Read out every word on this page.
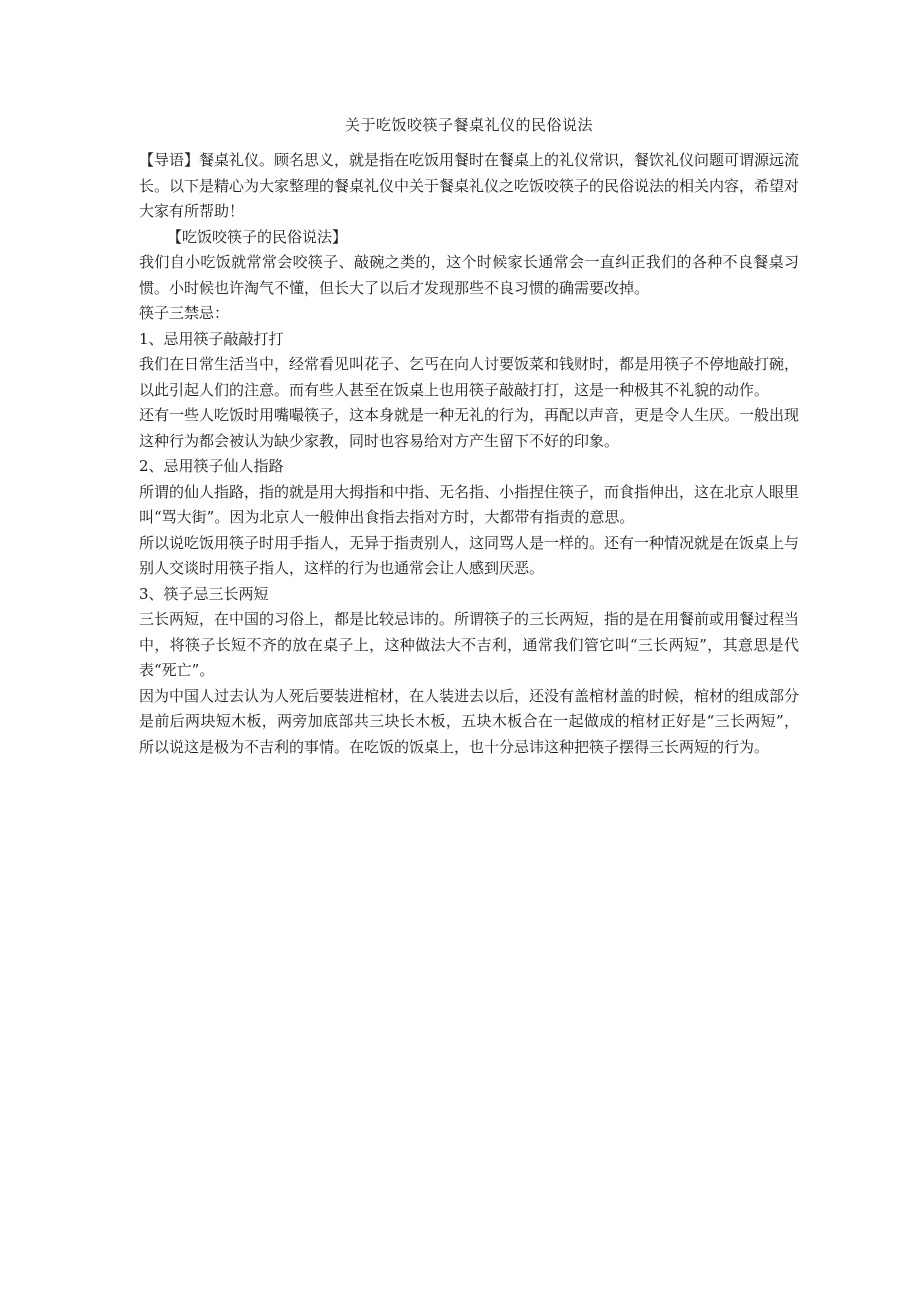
关于吃饭咬筷子餐桌礼仪的民俗说法

【导语】餐桌礼仪。顾名思义，就是指在吃饭用餐时在餐桌上的礼仪常识，餐饮礼仪问题可谓源远流长。以下是精心为大家整理的餐桌礼仪中关于餐桌礼仪之吃饭咬筷子的民俗说法的相关内容，希望对大家有所帮助！

【吃饭咬筷子的民俗说法】

我们自小吃饭就常常会咬筷子、敲碗之类的，这个时候家长通常会一直纠正我们的各种不良餐桌习惯。小时候也许淘气不懂，但长大了以后才发现那些不良习惯的确需要改掉。

筷子三禁忌：

1、忌用筷子敲敲打打

我们在日常生活当中，经常看见叫花子、乞丐在向人讨要饭菜和钱财时，都是用筷子不停地敲打碗，以此引起人们的注意。而有些人甚至在饭桌上也用筷子敲敲打打，这是一种极其不礼貌的动作。

还有一些人吃饭时用嘴嘬筷子，这本身就是一种无礼的行为，再配以声音，更是令人生厌。一般出现这种行为都会被认为缺少家教，同时也容易给对方产生留下不好的印象。

2、忌用筷子仙人指路

所谓的仙人指路，指的就是用大拇指和中指、无名指、小指捏住筷子，而食指伸出，这在北京人眼里叫“骂大街”。因为北京人一般伸出食指去指对方时，大都带有指责的意思。

所以说吃饭用筷子时用手指人，无异于指责别人，这同骂人是一样的。还有一种情况就是在饭桌上与别人交谈时用筷子指人，这样的行为也通常会让人感到厌恶。

3、筷子忌三长两短

三长两短，在中国的习俗上，都是比较忌讳的。所谓筷子的三长两短，指的是在用餐前或用餐过程当中，将筷子长短不齐的放在桌子上，这种做法大不吉利，通常我们管它叫“三长两短”，其意思是代表“死亡”。

因为中国人过去认为人死后要装进棺材，在人装进去以后，还没有盖棺材盖的时候，棺材的组成部分是前后两块短木板，两旁加底部共三块长木板，五块木板合在一起做成的棺材正好是“三长两短”，所以说这是极为不吉利的事情。在吃饭的饭桌上，也十分忌讳这种把筷子摆得三长两短的行为。
